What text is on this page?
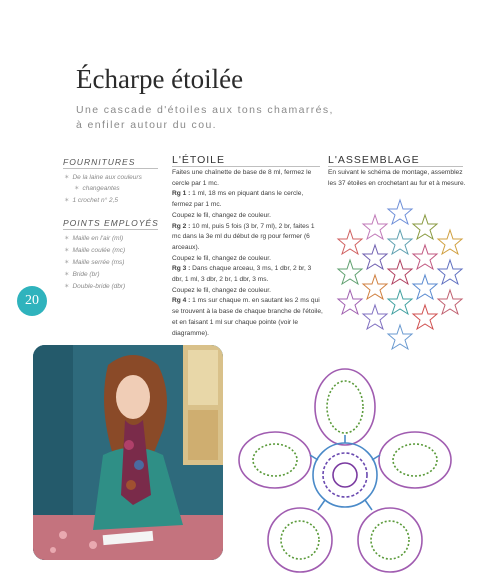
Écharpe étoilée
Une cascade d'étoiles aux tons chamarrés,
à enfiler autour du cou.
FOURNITURES
✶ De la laine aux couleurs
✶ changeantes
✶ 1 crochet n° 2,5
POINTS EMPLOYÉS
✶ Maille en l'air (ml)
✶ Maille coulée (mc)
✶ Maille serrée (ms)
✶ Bride (br)
✶ Double-bride (dbr)
20
L'ÉTOILE

Faites une chaînette de base de 8 ml, fermez le cercle par 1 mc.

Rg 1 : 1 ml, 18 ms en piquant dans le cercle, fermez par 1 mc.

Coupez le fil, changez de couleur.

Rg 2 : 10 ml, puis 5 fois (3 br, 7 ml), 2 br, faites 1 mc dans la 3e ml du début de rg pour fermer (6 arceaux).

Coupez le fil, changez de couleur.

Rg 3 : Dans chaque arceau, 3 ms, 1 dbr, 2 br, 3 dbr, 1 ml, 3 dbr, 2 br, 1 dbr, 3 ms.

Coupez le fil, changez de couleur.

Rg 4 : 1 ms sur chaque m. en sautant les 2 ms qui se trouvent à la base de chaque branche de l'étoile, et en faisant 1 ml sur chaque pointe (voir le diagramme).

L'ASSEMBLAGE
En suivant le schéma de montage, assemblez les 37 étoiles en crochetant au fur et à mesure.
